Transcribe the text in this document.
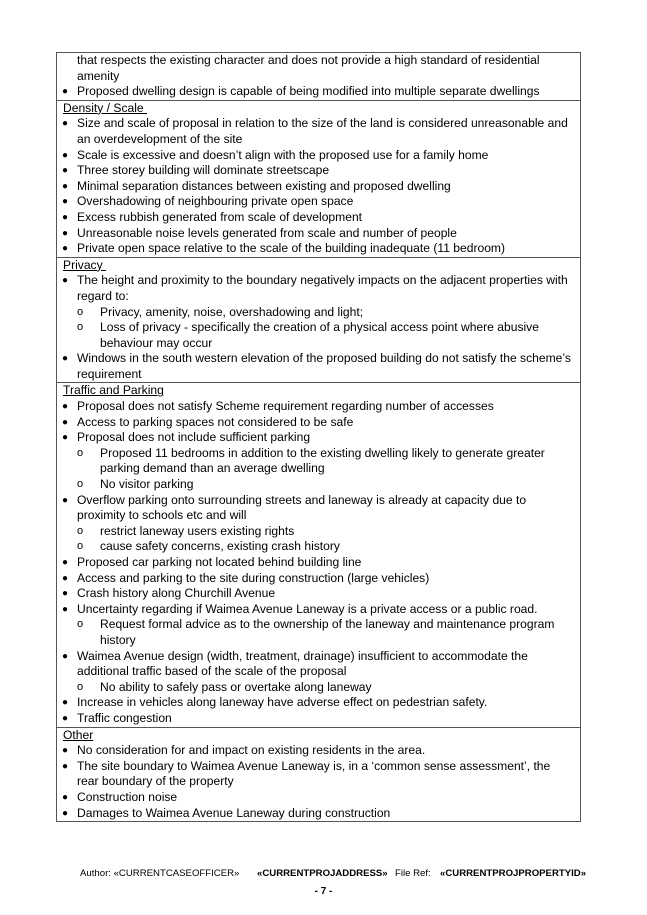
that respects the existing character and does not provide a high standard of residential amenity
● Proposed dwelling design is capable of being modified into multiple separate dwellings
Density / Scale
● Size and scale of proposal in relation to the size of the land is considered unreasonable and an overdevelopment of the site
● Scale is excessive and doesn’t align with the proposed use for a family home
● Three storey building will dominate streetscape
● Minimal separation distances between existing and proposed dwelling
● Overshadowing of neighbouring private open space
● Excess rubbish generated from scale of development
● Unreasonable noise levels generated from scale and number of people
● Private open space relative to the scale of the building inadequate (11 bedroom)
Privacy
● The height and proximity to the boundary negatively impacts on the adjacent properties with regard to:
o	Privacy, amenity, noise, overshadowing and light;
o	Loss of privacy - specifically the creation of a physical access point where abusive behaviour may occur
● Windows in the south western elevation of the proposed building do not satisfy the scheme’s requirement
Traffic and Parking
● Proposal does not satisfy Scheme requirement regarding number of accesses
● Access to parking spaces not considered to be safe
● Proposal does not include sufficient parking
o	Proposed 11 bedrooms in addition to the existing dwelling likely to generate greater parking demand than an average dwelling
o	No visitor parking
● Overflow parking onto surrounding streets and laneway is already at capacity due to proximity to schools etc and will
o	restrict laneway users existing rights
o	cause safety concerns, existing crash history
● Proposed car parking not located behind building line
● Access and parking to the site during construction (large vehicles)
● Crash history along Churchill Avenue
● Uncertainty regarding if Waimea Avenue Laneway is a private access or a public road.
o	Request formal advice as to the ownership of the laneway and maintenance program history
● Waimea Avenue design (width, treatment, drainage) insufficient to accommodate the additional traffic based of the scale of the proposal
o	No ability to safely pass or overtake along laneway
● Increase in vehicles along laneway have adverse effect on pedestrian safety.
● Traffic congestion
Other
● No consideration for and impact on existing residents in the area.
● The site boundary to Waimea Avenue Laneway is, in a ‘common sense assessment’, the rear boundary of the property
● Construction noise
● Damages to Waimea Avenue Laneway during construction
Author: «CURRENTCASEOFFICER» «CURRENTPROJADDRESS» File Ref: «CURRENTPROJPROPERTYID»
- 7 -
